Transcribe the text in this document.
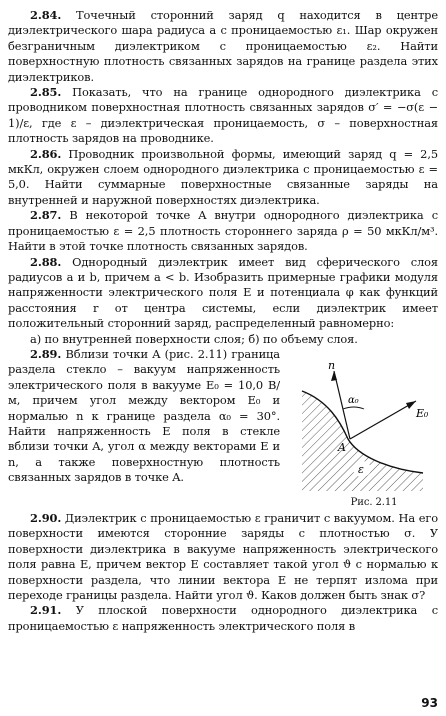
2.84. Точечный сторонний заряд q находится в центре диэлектрического шара радиуса a с проницаемостью ε₁. Шар окружен безграничным диэлектриком с проницаемостью ε₂. Найти поверхностную плотность связанных зарядов на границе раздела этих диэлектриков.

2.85. Показать, что на границе однородного диэлектрика с проводником поверхностная плотность связанных зарядов σ′ = −σ(ε − 1)/ε, где ε – диэлектрическая проницаемость, σ – поверхностная плотность зарядов на проводнике.

2.86. Проводник произвольной формы, имеющий заряд q = 2,5 мкКл, окружен слоем однородного диэлектрика с проницаемостью ε = 5,0. Найти суммарные поверхностные связанные заряды на внутренней и наружной поверхностях диэлектрика.

2.87. В некоторой точке A внутри однородного диэлектрика с проницаемостью ε = 2,5 плотность стороннего заряда ρ = 50 мкКл/м³. Найти в этой точке плотность связанных зарядов.

2.88. Однородный диэлектрик имеет вид сферического слоя радиусов a и b, причем a < b. Изобразить примерные графики модуля напряженности электрического поля E и потенциала φ как функций расстояния r от центра системы, если диэлектрик имеет положительный сторонний заряд, распределенный равномерно:

а) по внутренней поверхности слоя; б) по объему слоя.

n
α₀
E₀
A
ε
Рис. 2.11
2.89. Вблизи точки A (рис. 2.11) граница раздела стекло – вакуум напряженность электрического поля в вакууме E₀ = 10,0 В/м, причем угол между вектором E₀ и нормалью n к границе раздела α₀ = 30°. Найти напряженность E поля в стекле вблизи точки A, угол α между векторами E и n, а также поверхностную плотность связанных зарядов в точке A.

2.90. Диэлектрик с проницаемостью ε граничит с вакуумом. На его поверхности имеются сторонние заряды с плотностью σ. У поверхности диэлектрика в вакууме напряженность электрического поля равна E, причем вектор E составляет такой угол ϑ с нормалью к поверхности раздела, что линии вектора E не терпят излома при переходе границы раздела. Найти угол ϑ. Каков должен быть знак σ?

2.91. У плоской поверхности однородного диэлектрика с проницаемостью ε напряженность электрического поля в

93
